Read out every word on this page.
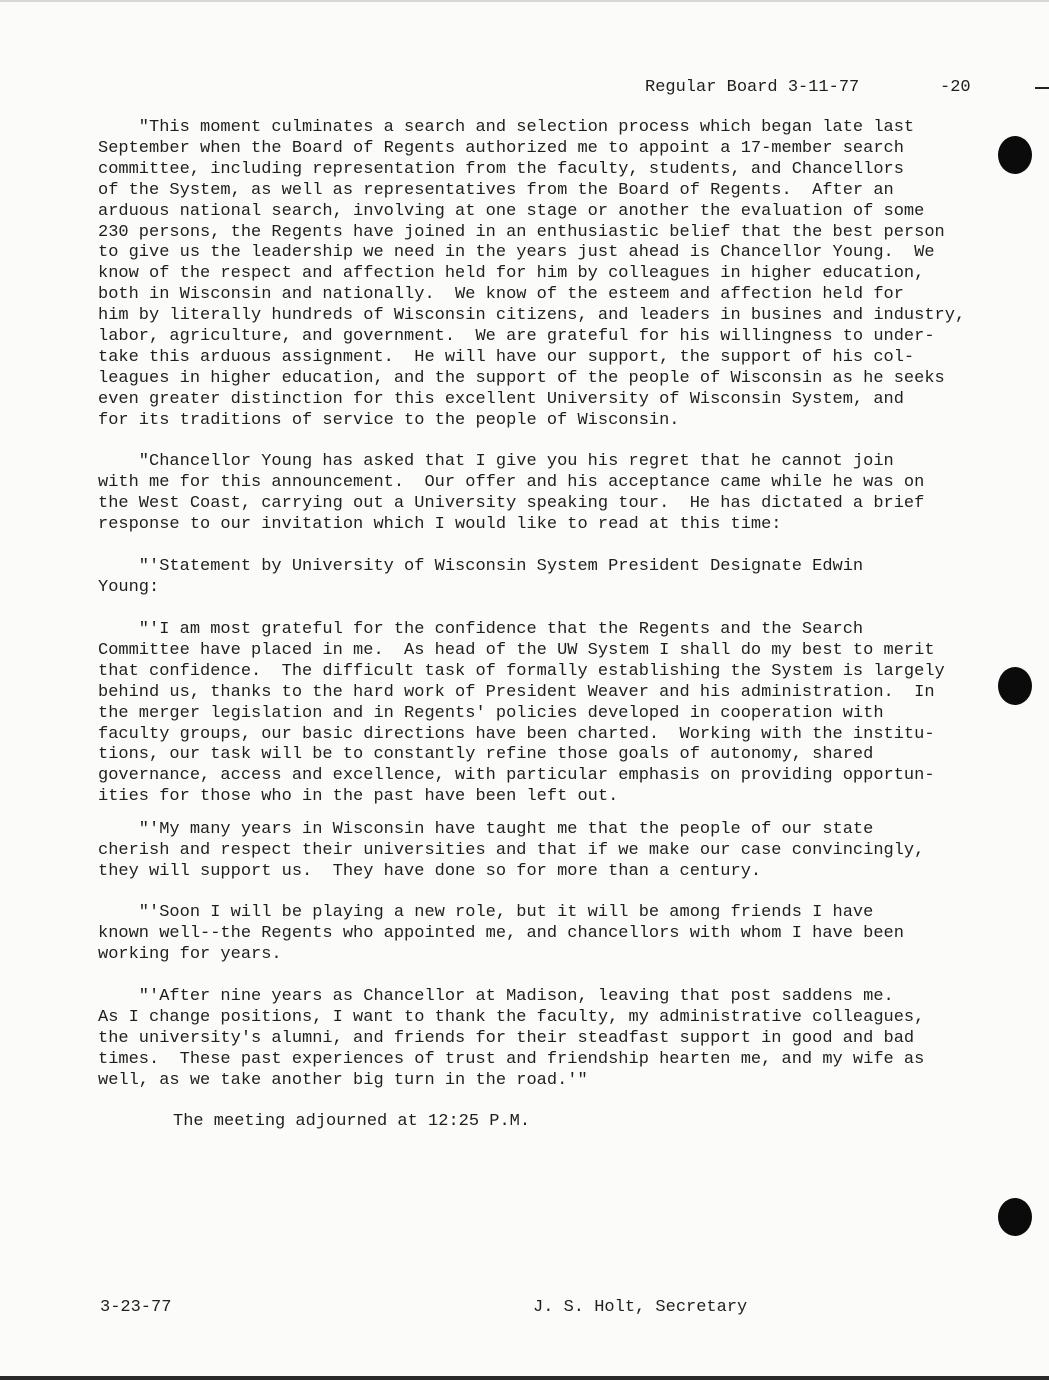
Regular Board 3-11-77	-20
"This moment culminates a search and selection process which began late last
September when the Board of Regents authorized me to appoint a 17-member search
committee, including representation from the faculty, students, and Chancellors
of the System, as well as representatives from the Board of Regents.  After an
arduous national search, involving at one stage or another the evaluation of some
230 persons, the Regents have joined in an enthusiastic belief that the best person
to give us the leadership we need in the years just ahead is Chancellor Young.  We
know of the respect and affection held for him by colleagues in higher education,
both in Wisconsin and nationally.  We know of the esteem and affection held for
him by literally hundreds of Wisconsin citizens, and leaders in busines and industry,
labor, agriculture, and government.  We are grateful for his willingness to under-
take this arduous assignment.  He will have our support, the support of his col-
leagues in higher education, and the support of the people of Wisconsin as he seeks
even greater distinction for this excellent University of Wisconsin System, and
for its traditions of service to the people of Wisconsin.
"Chancellor Young has asked that I give you his regret that he cannot join
with me for this announcement.  Our offer and his acceptance came while he was on
the West Coast, carrying out a University speaking tour.  He has dictated a brief
response to our invitation which I would like to read at this time:
"'Statement by University of Wisconsin System President Designate Edwin
Young:
"'I am most grateful for the confidence that the Regents and the Search
Committee have placed in me.  As head of the UW System I shall do my best to merit
that confidence.  The difficult task of formally establishing the System is largely
behind us, thanks to the hard work of President Weaver and his administration.  In
the merger legislation and in Regents' policies developed in cooperation with
faculty groups, our basic directions have been charted.  Working with the institu-
tions, our task will be to constantly refine those goals of autonomy, shared
governance, access and excellence, with particular emphasis on providing opportun-
ities for those who in the past have been left out.
"'My many years in Wisconsin have taught me that the people of our state
cherish and respect their universities and that if we make our case convincingly,
they will support us.  They have done so for more than a century.
"'Soon I will be playing a new role, but it will be among friends I have
known well--the Regents who appointed me, and chancellors with whom I have been
working for years.
"'After nine years as Chancellor at Madison, leaving that post saddens me.
As I change positions, I want to thank the faculty, my administrative colleagues,
the university's alumni, and friends for their steadfast support in good and bad
times.  These past experiences of trust and friendship hearten me, and my wife as
well, as we take another big turn in the road.'"
The meeting adjourned at 12:25 P.M.
3-23-77	J. S. Holt, Secretary
